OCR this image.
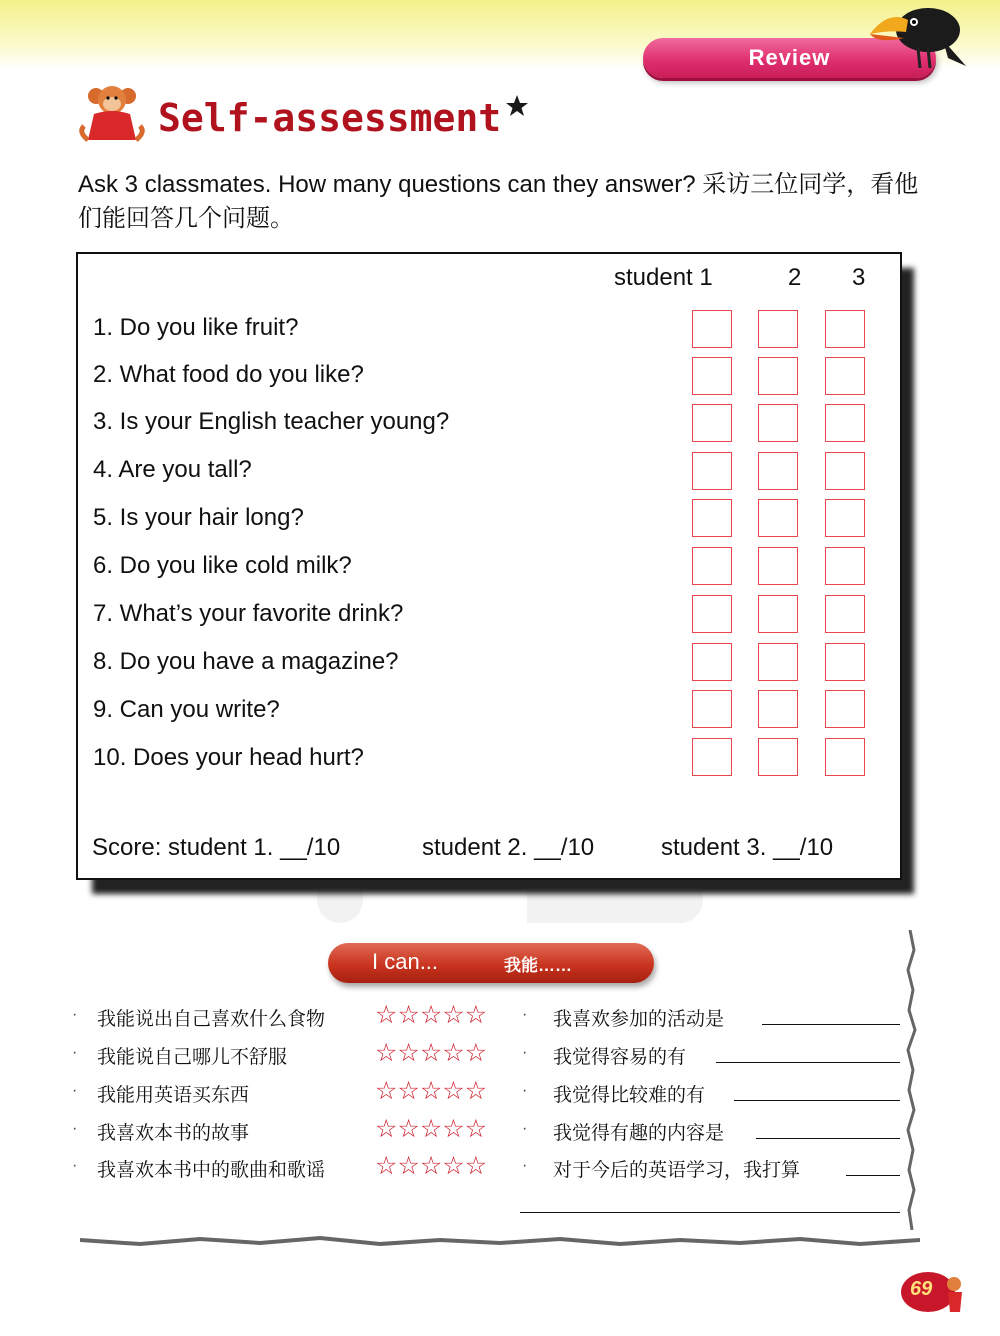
Review
Self-assessment
Ask 3 classmates. How many questions can they answer? 采访三位同学，看他们能回答几个问题。
student 1	2 3
1. Do you like fruit?
2. What food do you like?
3. Is your English teacher young?
4. Are you tall?
5. Is your hair long?
6. Do you like cold milk?
7. What’s your favorite drink?
8. Do you have a magazine?
9. Can you write?
10. Does your head hurt?
Score: student 1. __/10	student 2. __/10	student 3. __/10
I can...	我能……
· 我能说出自己喜欢什么食物 ☆☆☆☆☆ · 我喜欢参加的活动是
· 我能说自己哪儿不舒服	☆☆☆☆☆ · 我觉得容易的有
· 我能用英语买东西	☆☆☆☆☆ · 我觉得比较难的有
· 我喜欢本书的故事	☆☆☆☆☆ · 我觉得有趣的内容是
· 我喜欢本书中的歌曲和歌谣 ☆☆☆☆☆ · 对于今后的英语学习，我打算
69
